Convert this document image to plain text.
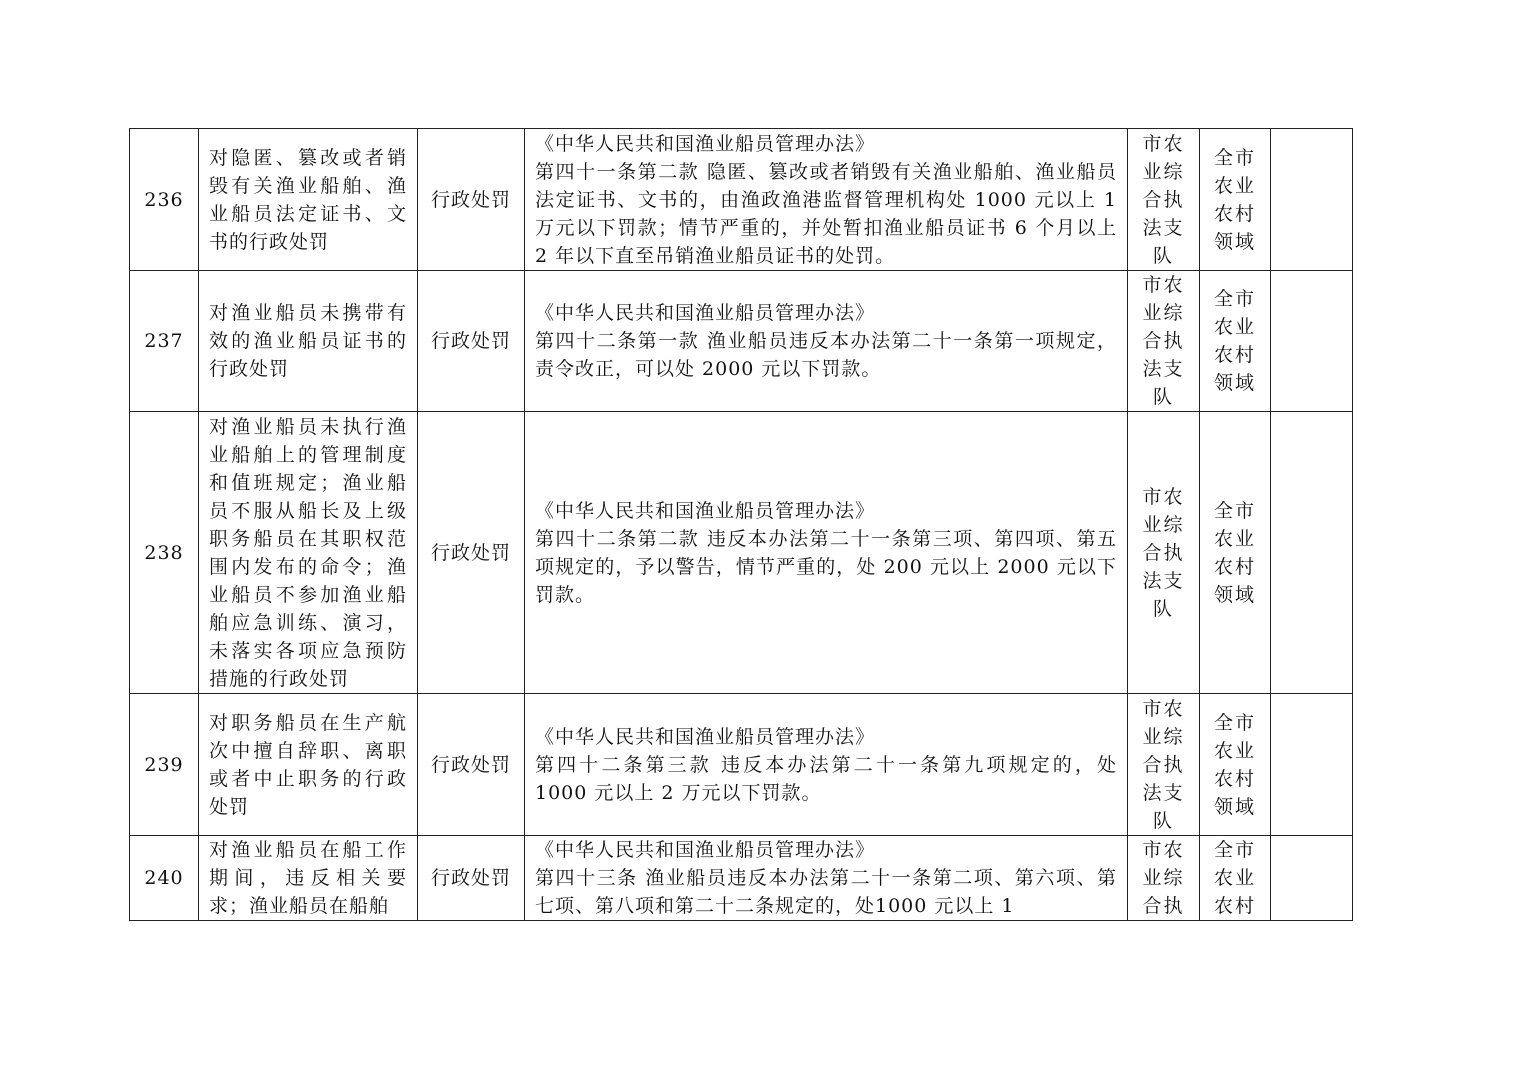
236	对隐匿、篡改或者销毁有关渔业船舶、渔业船员法定证书、文书的行政处罚	行政处罚	《中华人民共和国渔业船员管理办法》
第四十一条第二款 隐匿、篡改或者销毁有关渔业船舶、渔业船员法定证书、文书的，由渔政渔港监督管理机构处 1000 元以上 1 万元以下罚款；情节严重的，并处暂扣渔业船员证书 6 个月以上 2 年以下直至吊销渔业船员证书的处罚。	市农业综合执法支队	全市农业农村领域	

237	对渔业船员未携带有效的渔业船员证书的行政处罚	行政处罚	《中华人民共和国渔业船员管理办法》
第四十二条第一款 渔业船员违反本办法第二十一条第一项规定，责令改正，可以处 2000 元以下罚款。	市农业综合执法支队	全市农业农村领域	

238	对渔业船员未执行渔业船舶上的管理制度和值班规定；渔业船员不服从船长及上级职务船员在其职权范围内发布的命令；渔业船员不参加渔业船舶应急训练、演习，未落实各项应急预防措施的行政处罚	行政处罚	《中华人民共和国渔业船员管理办法》
第四十二条第二款 违反本办法第二十一条第三项、第四项、第五项规定的，予以警告，情节严重的，处 200 元以上 2000 元以下罚款。	市农业综合执法支队	全市农业农村领域	

239	对职务船员在生产航次中擅自辞职、离职或者中止职务的行政处罚	行政处罚	《中华人民共和国渔业船员管理办法》
第四十二条第三款 违反本办法第二十一条第九项规定的，处 1000 元以上 2 万元以下罚款。	市农业综合执法支队	全市农业农村领域	

240	对渔业船员在船工作期间，违反相关要求；渔业船员在船舶	行政处罚	《中华人民共和国渔业船员管理办法》
第四十三条 渔业船员违反本办法第二十一条第二项、第六项、第七项、第八项和第二十二条规定的，处1000 元以上 1	市农业综合执	全市农业农村	
